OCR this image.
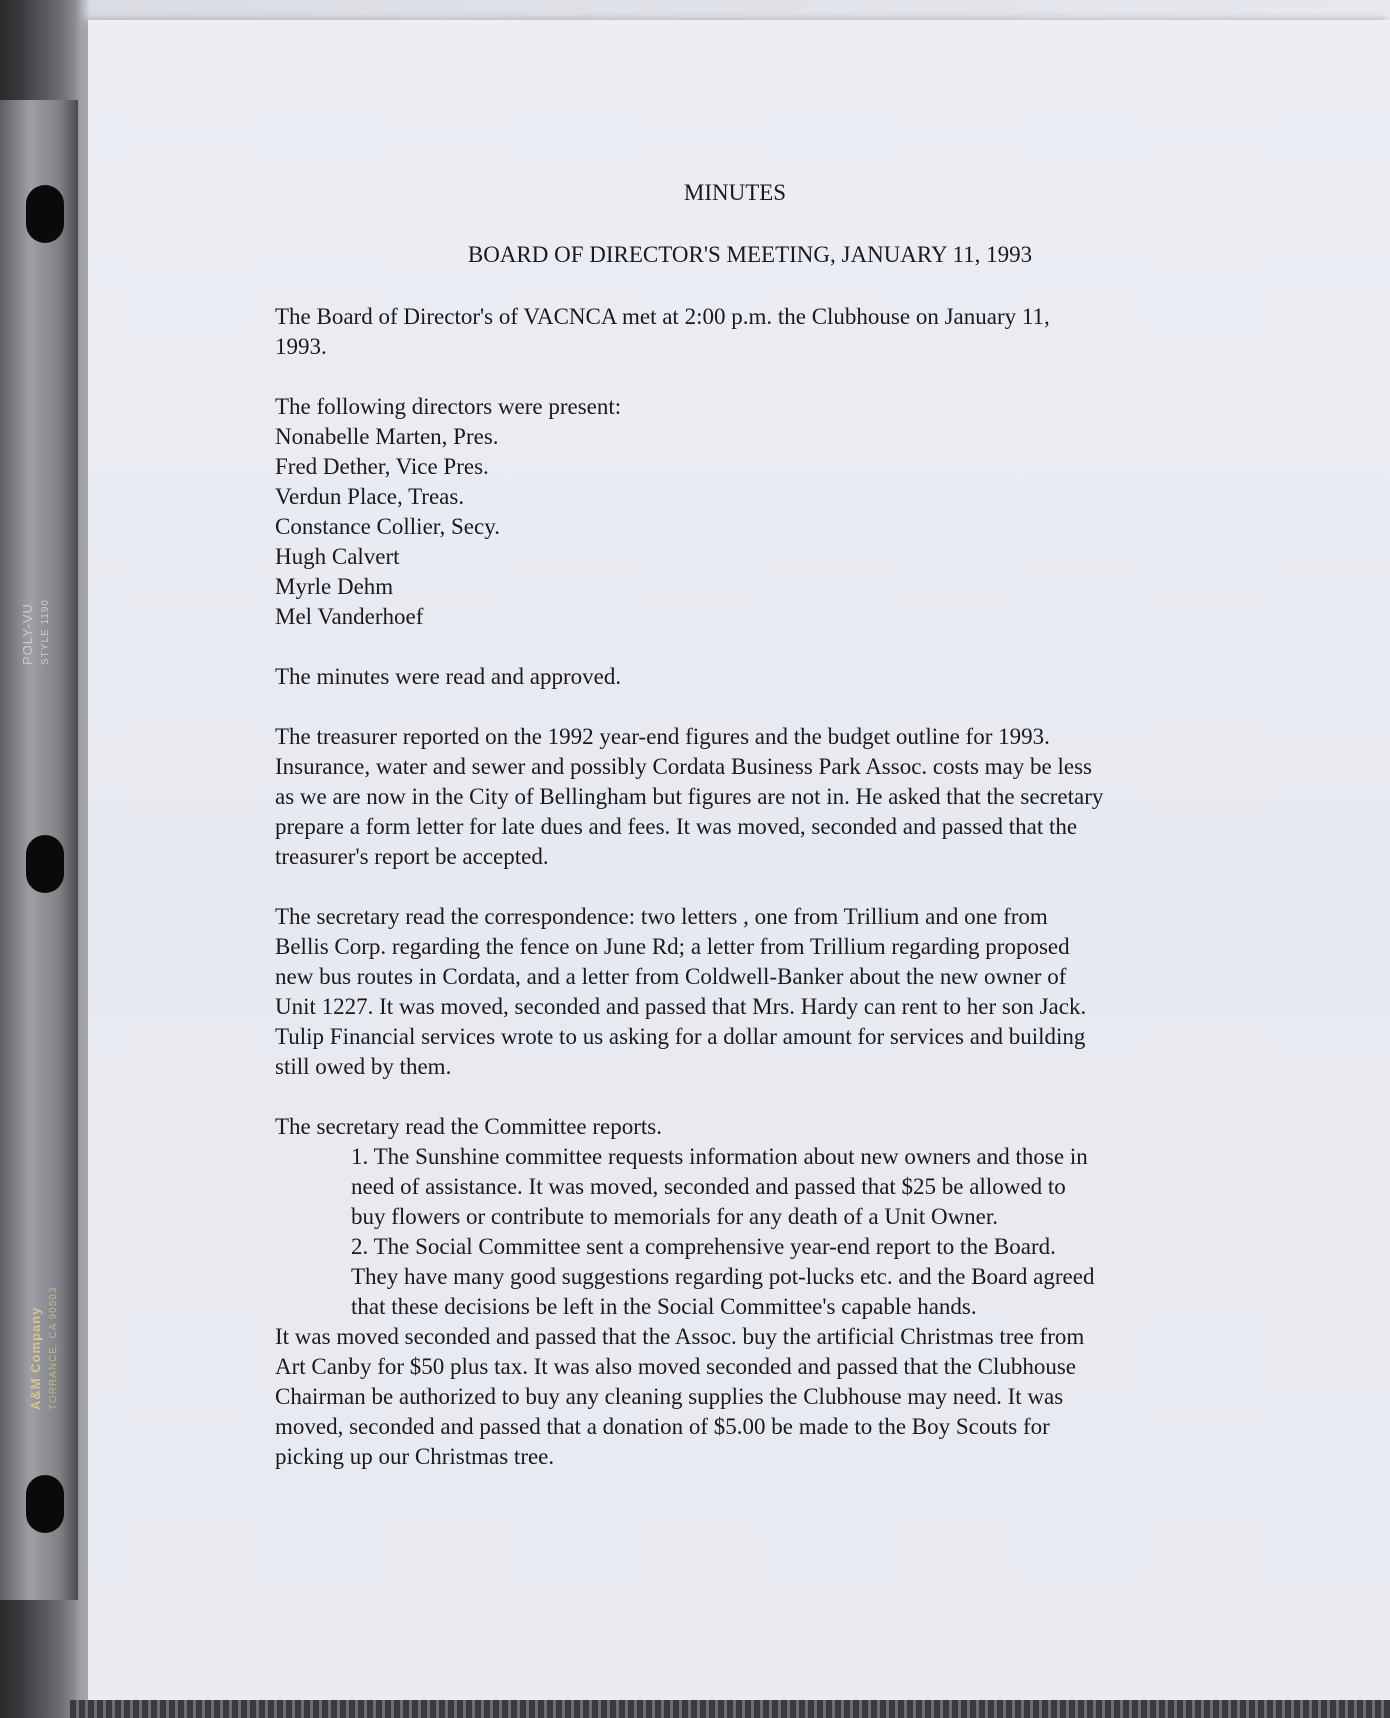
POLY-VU STYLE 1190
A&M Company TORRANCE, CA 90503
MINUTES
BOARD OF DIRECTOR'S MEETING, JANUARY 11, 1993
The Board of Director's of VACNCA met at 2:00 p.m. the Clubhouse on January 11,
1993.
The following directors were present:
Nonabelle Marten, Pres.
Fred Dether, Vice Pres.
Verdun Place, Treas.
Constance Collier, Secy.
Hugh Calvert
Myrle Dehm
Mel Vanderhoef
The minutes were read and approved.
The treasurer reported on the 1992 year-end figures and the budget outline for 1993.
Insurance, water and sewer and possibly Cordata Business Park Assoc. costs may be less
as we are now in the City of Bellingham but figures are not in. He asked that the secretary
prepare a form letter for late dues and fees. It was moved, seconded and passed that the
treasurer's report be accepted.
The secretary read the correspondence: two letters , one from Trillium and one from
Bellis Corp. regarding the fence on June Rd; a letter from Trillium regarding proposed
new bus routes in Cordata, and a letter from Coldwell-Banker about the new owner of
Unit 1227. It was moved, seconded and passed that Mrs. Hardy can rent to her son Jack.
Tulip Financial services wrote to us asking for a dollar amount for services and building
still owed by them.
The secretary read the Committee reports.
1. The Sunshine committee requests information about new owners and those in
need of assistance. It was moved, seconded and passed that $25 be allowed to
buy flowers or contribute to memorials for any death of a Unit Owner.
2. The Social Committee sent a comprehensive year-end report to the Board.
They have many good suggestions regarding pot-lucks etc. and the Board agreed
that these decisions be left in the Social Committee's capable hands.
It was moved seconded and passed that the Assoc. buy the artificial Christmas tree from
Art Canby for $50 plus tax. It was also moved seconded and passed that the Clubhouse
Chairman be authorized to buy any cleaning supplies the Clubhouse may need. It was
moved, seconded and passed that a donation of $5.00 be made to the Boy Scouts for
picking up our Christmas tree.
